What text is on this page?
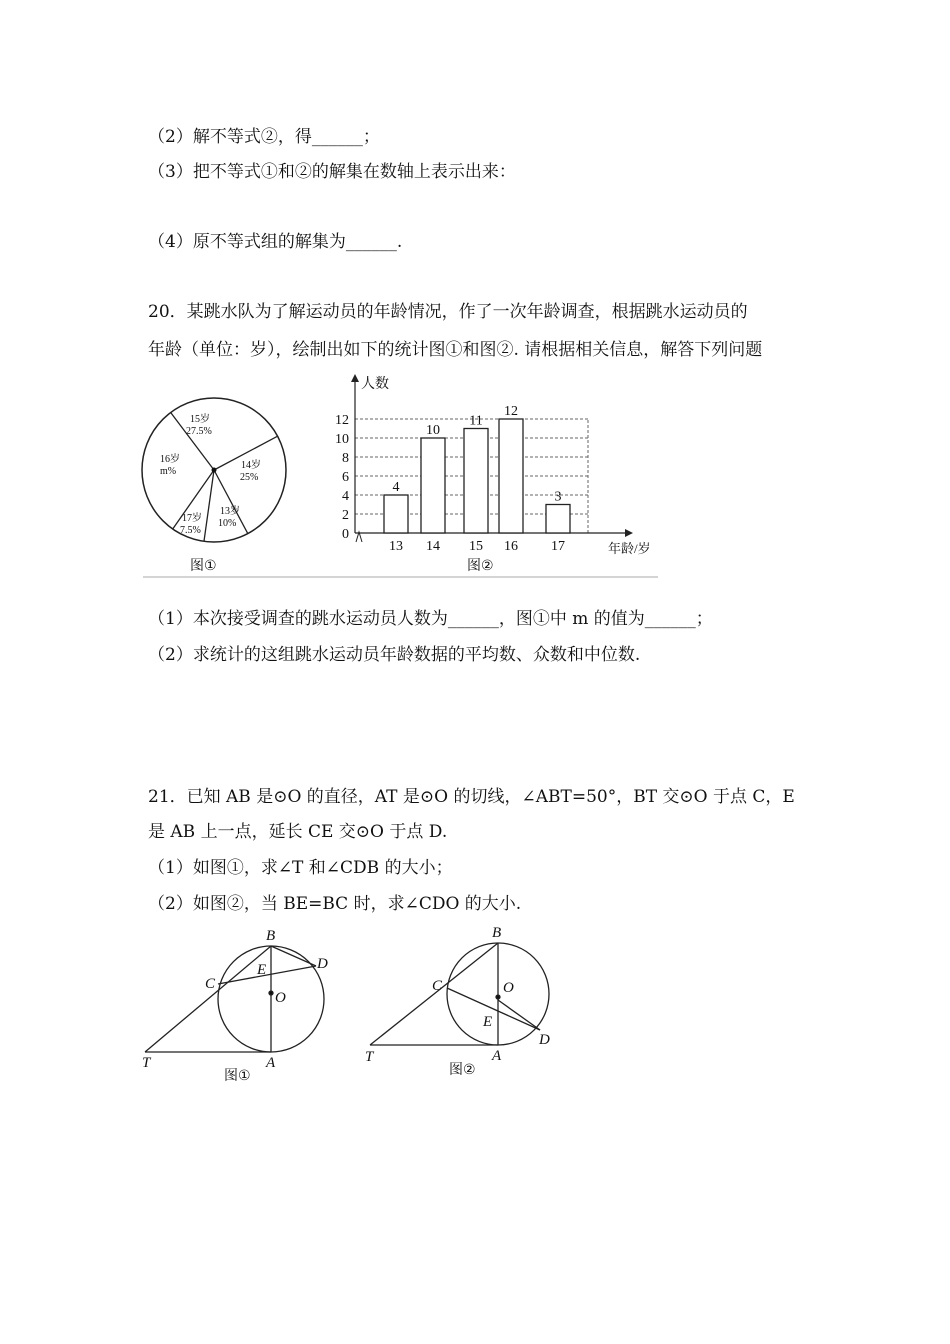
（2）解不等式②，得______；
（3）把不等式①和②的解集在数轴上表示出来：
（4）原不等式组的解集为______.
20．某跳水队为了解运动员的年龄情况，作了一次年龄调查，根据跳水运动员的
年龄（单位：岁），绘制出如下的统计图①和图②. 请根据相关信息，解答下列问题
15岁
27.5%
14岁
25%
13岁
10%
17岁
7.5%
16岁
m%
图①
人数
年龄/岁
0
2
4
6
8
10
12
4
13
10
14
11
15
12
16
3
17
图②
（1）本次接受调查的跳水运动员人数为______，图①中 m 的值为______；
（2）求统计的这组跳水运动员年龄数据的平均数、众数和中位数.
21．已知 AB 是⊙O 的直径，AT 是⊙O 的切线，∠ABT=50°，BT 交⊙O 于点 C，E
是 AB 上一点，延长 CE 交⊙O 于点 D.
（1）如图①，求∠T 和∠CDB 的大小；
（2）如图②，当 BE=BC 时，求∠CDO 的大小.
B
C
D
E
O
A
T
图①
B
C
D
E
O
A
T
图②
